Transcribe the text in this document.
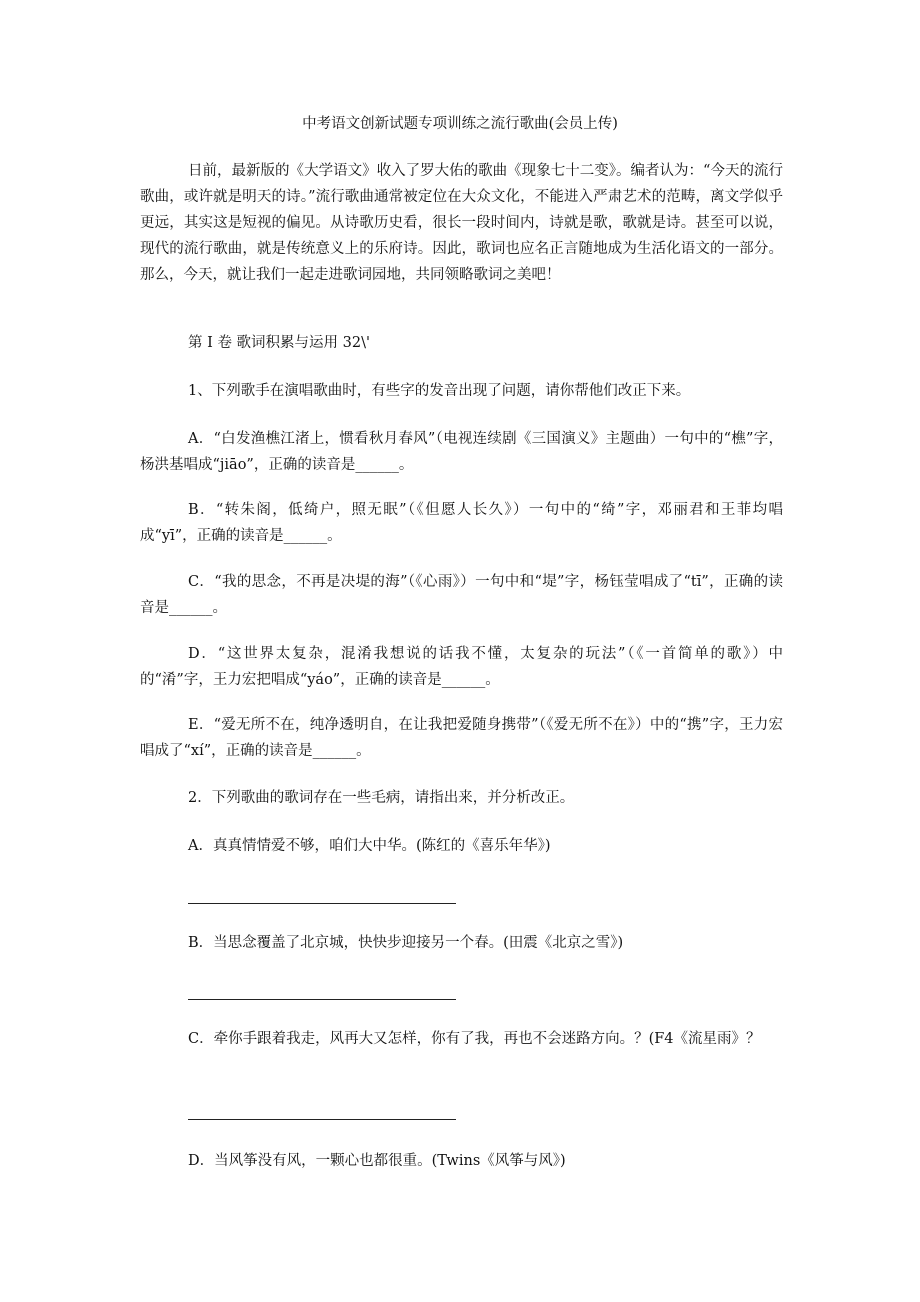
中考语文创新试题专项训练之流行歌曲(会员上传)
日前，最新版的《大学语文》收入了罗大佑的歌曲《现象七十二变》。编者认为：“今天的流行歌曲，或许就是明天的诗。”流行歌曲通常被定位在大众文化，不能进入严肃艺术的范畴，离文学似乎更远，其实这是短视的偏见。从诗歌历史看，很长一段时间内，诗就是歌，歌就是诗。甚至可以说，现代的流行歌曲，就是传统意义上的乐府诗。因此，歌词也应名正言随地成为生活化语文的一部分。那么，今天，就让我们一起走进歌词园地，共同领略歌词之美吧！
第 I 卷 歌词积累与运用 32\'
1、下列歌手在演唱歌曲时，有些字的发音出现了问题，请你帮他们改正下来。
A．“白发渔樵江渚上，惯看秋月春风”（电视连续剧《三国演义》主题曲）一句中的“樵”字，杨洪基唱成“jiāo”，正确的读音是______。
B．“转朱阁，低绮户，照无眠”（《但愿人长久》）一句中的“绮”字，邓丽君和王菲均唱成“yī”，正确的读音是______。
C．“我的思念，不再是决堤的海”（《心雨》）一句中和“堤”字，杨钰莹唱成了“tī”，正确的读音是______。
D．“这世界太复杂，混淆我想说的话我不懂，太复杂的玩法”（《一首简单的歌》）中的“淆”字，王力宏把唱成“yáo”，正确的读音是______。
E．“爱无所不在，纯净透明自，在让我把爱随身携带”（《爱无所不在》）中的“携”字，王力宏唱成了“xí”，正确的读音是______。
2．下列歌曲的歌词存在一些毛病，请指出来，并分析改正。
A．真真情情爱不够，咱们大中华。(陈红的《喜乐年华》)
B．当思念覆盖了北京城，快快步迎接另一个春。(田震《北京之雪》)
C．牵你手跟着我走，风再大又怎样，你有了我，再也不会迷路方向。？(F4《流星雨》？
D．当风筝没有风，一颗心也都很重。(Twins《风筝与风》)
